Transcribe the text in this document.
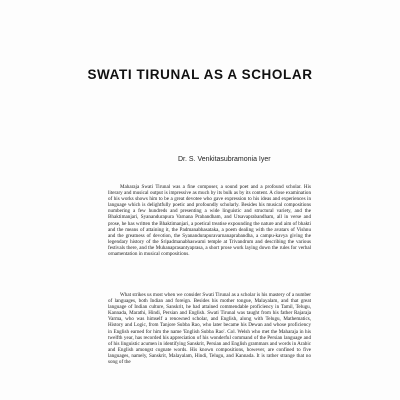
SWATI TIRUNAL AS A SCHOLAR
Dr. S. Venkitasubramonia Iyer

Maharaja Swati Tirunal was a fine composer, a sound poet and a profound scholar. His literary and musical output is impressive as much by its bulk as by its content. A close examination of his works shows him to be a great devotee who gave expression to his ideas and experiences in language which is delightfully poetic and profoundly scholarly. Besides his musical compositions numbering a few hundreds and presenting a wide linguistic and structural variety, and the Bhaktimanjari, Syanandurapura Varnana Prabandham, and Utsavaprabandham, all in verse and prose, he has written the Bhaktimanjari, a poetical treatise expounding the nature and aim of bhakti and the means of attaining it, the Padmanabhasataka, a poem dealing with the avatars of Vishnu and the greatness of devotion, the Syanandurapuravarnanaprabandha, a campu-kavya giving the legendary history of the Sripadmanabhaswami temple at Trivandrum and describing the various festivals there, and the Muhanaprasantyaprasa, a short prose work laying down the rules for verbal ornamentation in musical compositions.

What strikes us most when we consider Swati Tirunal as a scholar is his mastery of a number of languages, both Indian and foreign. Besides his mother tongue, Malayalam, and that great language of Indian culture, Sanskrit, he had attained commendable proficiency in Tamil, Telugu, Kannada, Marathi, Hindi, Persian and English. Swati Tirunal was taught from his father Rajaraja Varma, who was himself a renowned scholar, and English, along with Telugu, Mathematics, History and Logic, from Tanjore Subba Rao, who later became his Dewan and whose proficiency in English earned for him the name 'English Subba Rao'. Col. Welsh who met the Maharaja in his twelfth year, has recorded his appreciation of his wonderful command of the Persian language and of his linguistic acumen in identifying Sanskrit, Persian and English grammars and words in Arabic and English amongst cognate words. His known compositions, however, are confined to five languages, namely, Sanskrit, Malayalam, Hindi, Telugu, and Kannada. It is rather strange that no song of the
